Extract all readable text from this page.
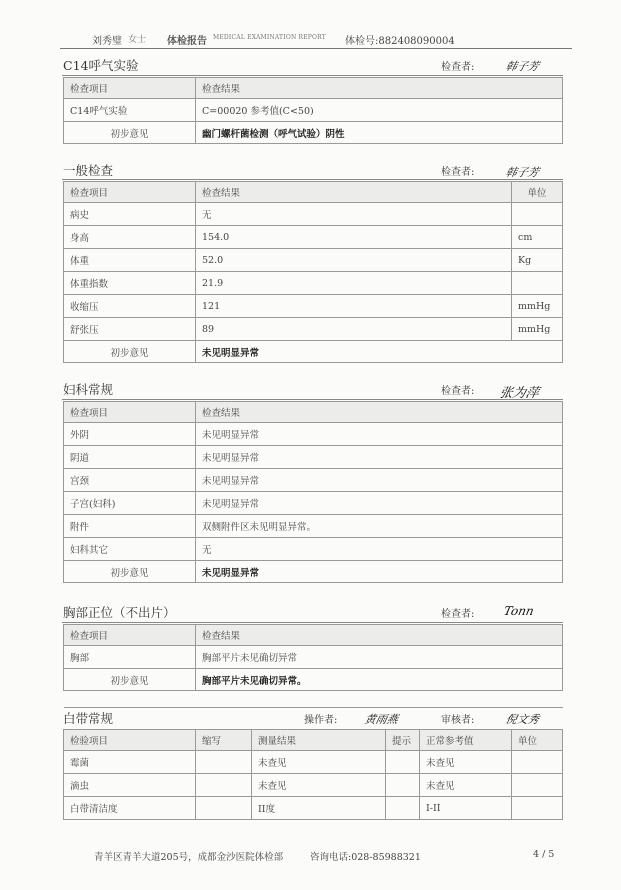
刘秀璧 女士 体检报告 MEDICAL EXAMINATION REPORT 体检号:882408090004
C14呼气实验	检查者:	韩子芳
检查项目	检查结果
C14呼气实验	C=00020 参考值(C<50)
初步意见	幽门螺杆菌检测（呼气试验）阴性
一般检查	检查者:	韩子芳
检查项目	检查结果	单位
病史	无	
身高	154.0	cm
体重	52.0	Kg
体重指数	21.9	
收缩压	121	mmHg
舒张压	89	mmHg
初步意见	未见明显异常	
妇科常规	检查者: 张为萍
检查项目	检查结果
外阴	未见明显异常
阴道	未见明显异常
宫颈	未见明显异常
子宫(妇科)	未见明显异常
附件	双侧附件区未见明显异常。
妇科其它	无
初步意见	未见明显异常
胸部正位（不出片）	检查者: Tonn
检查项目	检查结果
胸部	胸部平片未见确切异常
初步意见	胸部平片未见确切异常。
白带常规	操作者: 黄雨燕	审核者:	倪文秀

检验项目	缩写	测量结果	提示	正常参考值	单位
霉菌		未查见		未查见	
滴虫		未查见		未查见	
白带清洁度		II度		I-II	
青羊区青羊大道205号，成都金沙医院体检部	咨询电话:028-85988321	4 / 5
